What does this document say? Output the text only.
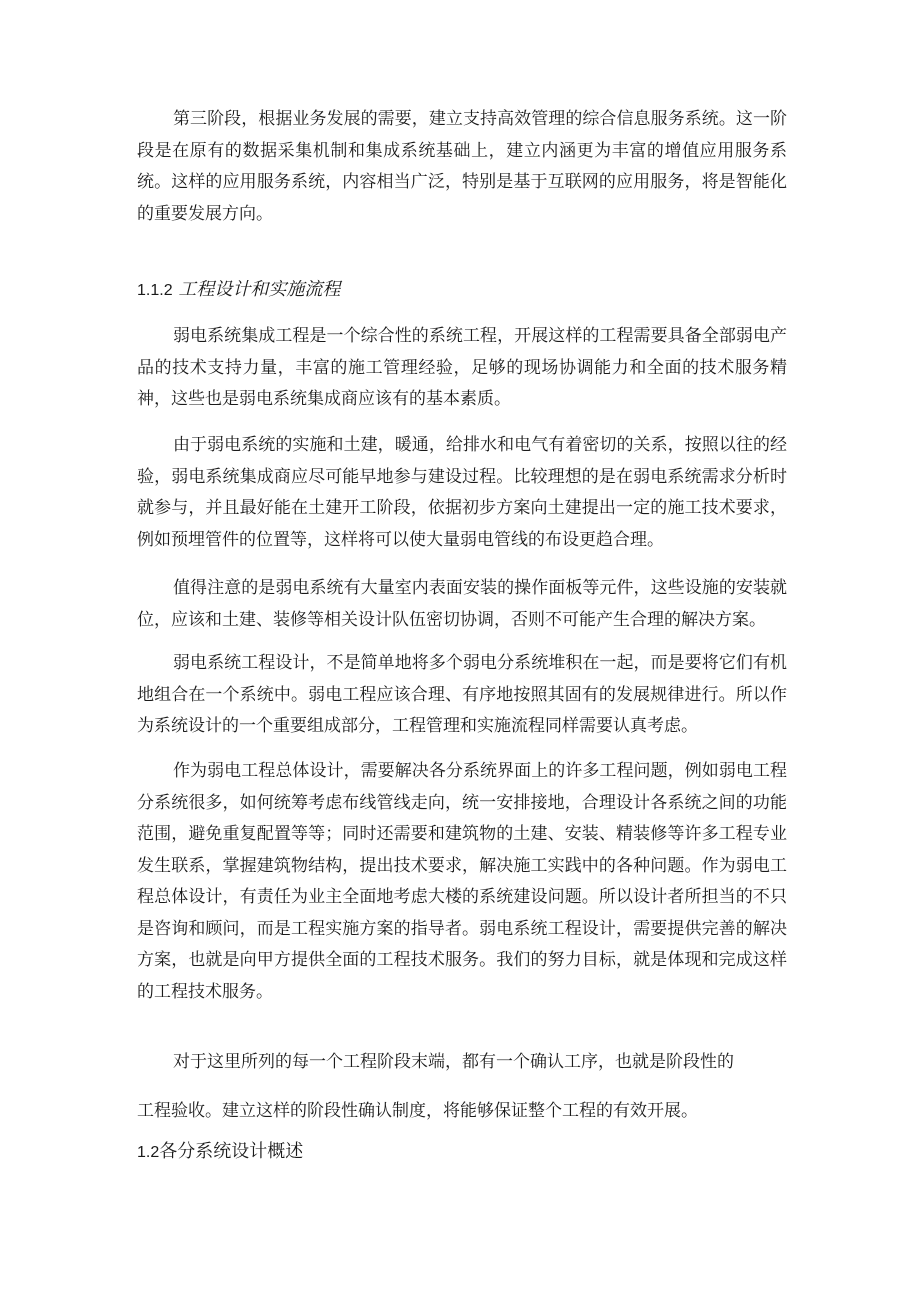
第三阶段，根据业务发展的需要，建立支持高效管理的综合信息服务系统。这一阶段是在原有的数据采集机制和集成系统基础上，建立内涵更为丰富的增值应用服务系统。这样的应用服务系统，内容相当广泛，特别是基于互联网的应用服务，将是智能化的重要发展方向。

1.1.2 工程设计和实施流程

弱电系统集成工程是一个综合性的系统工程，开展这样的工程需要具备全部弱电产品的技术支持力量，丰富的施工管理经验，足够的现场协调能力和全面的技术服务精神，这些也是弱电系统集成商应该有的基本素质。

由于弱电系统的实施和土建，暖通，给排水和电气有着密切的关系，按照以往的经验，弱电系统集成商应尽可能早地参与建设过程。比较理想的是在弱电系统需求分析时就参与，并且最好能在土建开工阶段，依据初步方案向土建提出一定的施工技术要求，例如预埋管件的位置等，这样将可以使大量弱电管线的布设更趋合理。

值得注意的是弱电系统有大量室内表面安装的操作面板等元件，这些设施的安装就位，应该和土建、装修等相关设计队伍密切协调，否则不可能产生合理的解决方案。

弱电系统工程设计，不是简单地将多个弱电分系统堆积在一起，而是要将它们有机地组合在一个系统中。弱电工程应该合理、有序地按照其固有的发展规律进行。所以作为系统设计的一个重要组成部分，工程管理和实施流程同样需要认真考虑。

作为弱电工程总体设计，需要解决各分系统界面上的许多工程问题，例如弱电工程分系统很多，如何统筹考虑布线管线走向，统一安排接地，合理设计各系统之间的功能范围，避免重复配置等等；同时还需要和建筑物的土建、安装、精装修等许多工程专业发生联系，掌握建筑物结构，提出技术要求，解决施工实践中的各种问题。作为弱电工程总体设计，有责任为业主全面地考虑大楼的系统建设问题。所以设计者所担当的不只是咨询和顾问，而是工程实施方案的指导者。弱电系统工程设计，需要提供完善的解决方案，也就是向甲方提供全面的工程技术服务。我们的努力目标，就是体现和完成这样的工程技术服务。

对于这里所列的每一个工程阶段末端，都有一个确认工序，也就是阶段性的

工程验收。建立这样的阶段性确认制度，将能够保证整个工程的有效开展。

1.2各分系统设计概述
